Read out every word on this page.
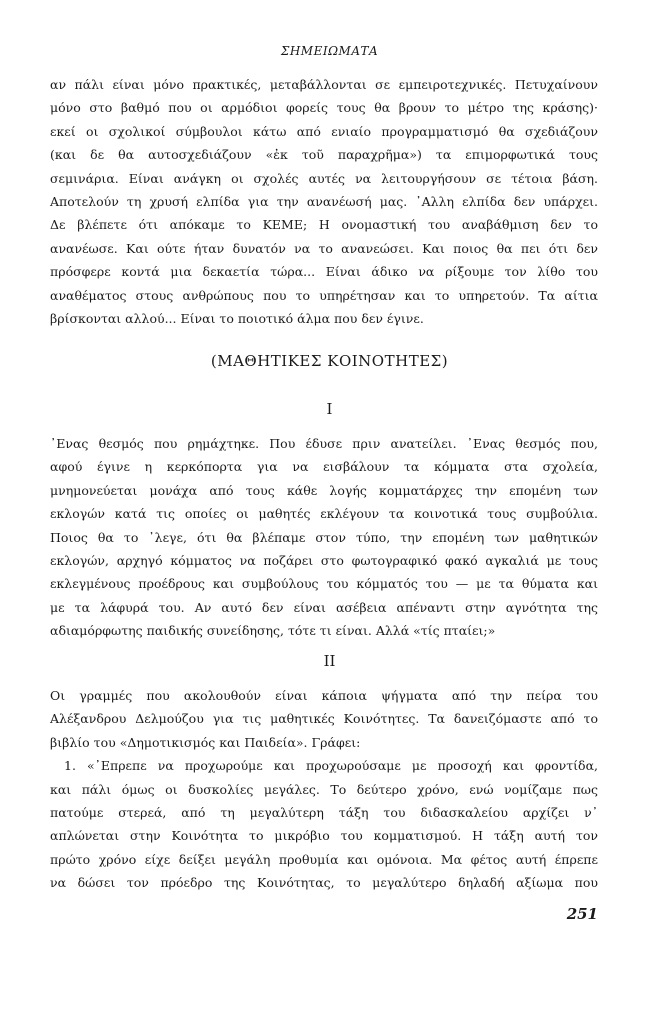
ΣΗΜΕΙΩΜΑΤΑ

αν πάλι είναι μόνο πρακτικές, μεταβάλλονται σε εμπειροτεχνικές. Πετυχαίνουν

μόνο στο βαθμό που οι αρμόδιοι φορείς τους θα βρουν το μέτρο της κράσης)·

εκεί οι σχολικοί σύμβουλοι κάτω από ενιαίο προγραμματισμό θα σχεδιάζουν

(και δε θα αυτοσχεδιάζουν «ἐκ τοῦ παραχρῆμα») τα επιμορφωτικά τους

σεμινάρια. Είναι ανάγκη οι σχολές αυτές να λειτουργήσουν σε τέτοια βάση.

Αποτελούν τη χρυσή ελπίδα για την ανανέωσή μας. ᾽Αλλη ελπίδα δεν υπάρχει.

Δε βλέπετε ότι απόκαμε το ΚΕΜΕ; Η ονομαστική του αναβάθμιση δεν το

ανανέωσε. Και ούτε ήταν δυνατόν να το ανανεώσει. Και ποιος θα πει ότι δεν

πρόσφερε κοντά μια δεκαετία τώρα... Είναι άδικο να ρίξουμε τον λίθο του

αναθέματος στους ανθρώπους που το υπηρέτησαν και το υπηρετούν. Τα αίτια

βρίσκονται αλλού... Είναι το ποιοτικό άλμα που δεν έγινε.

(ΜΑΘΗΤΙΚΕΣ ΚΟΙΝΟΤΗΤΕΣ)
I

᾽Ενας θεσμός που ρημάχτηκε. Που έδυσε πριν ανατείλει. ᾽Ενας θεσμός που,

αφού έγινε η κερκόπορτα για να εισβάλουν τα κόμματα στα σχολεία,

μνημονεύεται μονάχα από τους κάθε λογής κομματάρχες την επομένη των

εκλογών κατά τις οποίες οι μαθητές εκλέγουν τα κοινοτικά τους συμβούλια.

Ποιος θα το ᾽λεγε, ότι θα βλέπαμε στον τύπο, την επομένη των μαθητικών

εκλογών, αρχηγό κόμματος να ποζάρει στο φωτογραφικό φακό αγκαλιά με τους

εκλεγμένους προέδρους και συμβούλους του κόμματός του — με τα θύματα και

με τα λάφυρά του. Αν αυτό δεν είναι ασέβεια απέναντι στην αγνότητα της

αδιαμόρφωτης παιδικής συνείδησης, τότε τι είναι. Αλλά «τίς πταίει;»

II

Οι γραμμές που ακολουθούν είναι κάποια ψήγματα από την πείρα του

Αλέξανδρου Δελμούζου για τις μαθητικές Κοινότητες. Τα δανειζόμαστε από το

βιβλίο του «Δημοτικισμός και Παιδεία». Γράφει:

1. «᾽Επρεπε να προχωρούμε και προχωρούσαμε με προσοχή και φροντίδα,

και πάλι όμως οι δυσκολίες μεγάλες. Το δεύτερο χρόνο, ενώ νομίζαμε πως

πατούμε στερεά, από τη μεγαλύτερη τάξη του διδασκαλείου αρχίζει ν᾽

απλώνεται στην Κοινότητα το μικρόβιο του κομματισμού. Η τάξη αυτή τον

πρώτο χρόνο είχε δείξει μεγάλη προθυμία και ομόνοια. Μα φέτος αυτή έπρεπε

να δώσει τον πρόεδρο της Κοινότητας, το μεγαλύτερο δηλαδή αξίωμα που

251
